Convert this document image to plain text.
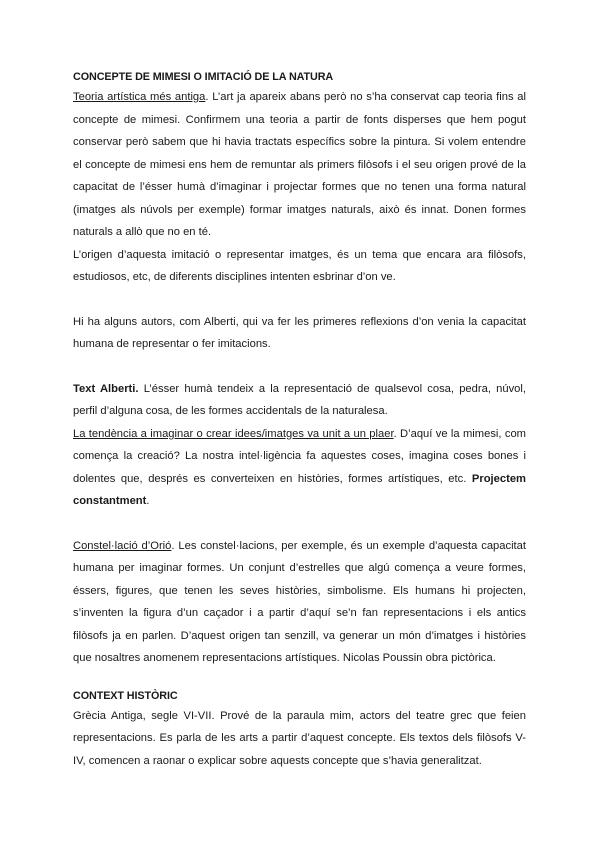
CONCEPTE DE MIMESI O IMITACIÓ DE LA NATURA

Teoria artística més antiga. L’art ja apareix abans però no s’ha conservat cap teoria fins al concepte de mimesi. Confirmem una teoria a partir de fonts disperses que hem pogut conservar però sabem que hi havia tractats específics sobre la pintura. Si volem entendre el concepte de mimesi ens hem de remuntar als primers filòsofs i el seu origen prové de la capacitat de l’ésser humà d’imaginar i projectar formes que no tenen una forma natural (imatges als núvols per exemple) formar imatges naturals, això és innat. Donen formes naturals a allò que no en té.

L’origen d’aquesta imitació o representar imatges, és un tema que encara ara filòsofs, estudiosos, etc, de diferents disciplines intenten esbrinar d’on ve.

Hi ha alguns autors, com Alberti, qui va fer les primeres reflexions d’on venia la capacitat humana de representar o fer imitacions.

Text Alberti. L’ésser humà tendeix a la representació de qualsevol cosa, pedra, núvol, perfil d’alguna cosa, de les formes accidentals de la naturalesa.

La tendència a imaginar o crear idees/imatges va unit a un plaer. D’aquí ve la mimesi, com comença la creació? La nostra intel·ligència fa aquestes coses, imagina coses bones i dolentes que, després es converteixen en històries, formes artístiques, etc. Projectem constantment.

Constel·lació d’Orió. Les constel·lacions, per exemple, és un exemple d’aquesta capacitat humana per imaginar formes. Un conjunt d’estrelles que algú comença a veure formes, éssers, figures, que tenen les seves històries, simbolisme. Els humans hi projecten, s’inventen la figura d’un caçador i a partir d’aquí se’n fan representacions i els antics filòsofs ja en parlen. D’aquest origen tan senzill, va generar un món d’imatges i històries que nosaltres anomenem representacions artístiques. Nicolas Poussin obra pictòrica.

CONTEXT HISTÒRIC

Grècia Antiga, segle VI-VII. Prové de la paraula mim, actors del teatre grec que feien representacions. Es parla de les arts a partir d’aquest concepte. Els textos dels filòsofs V-IV, comencen a raonar o explicar sobre aquests concepte que s’havia generalitzat.
